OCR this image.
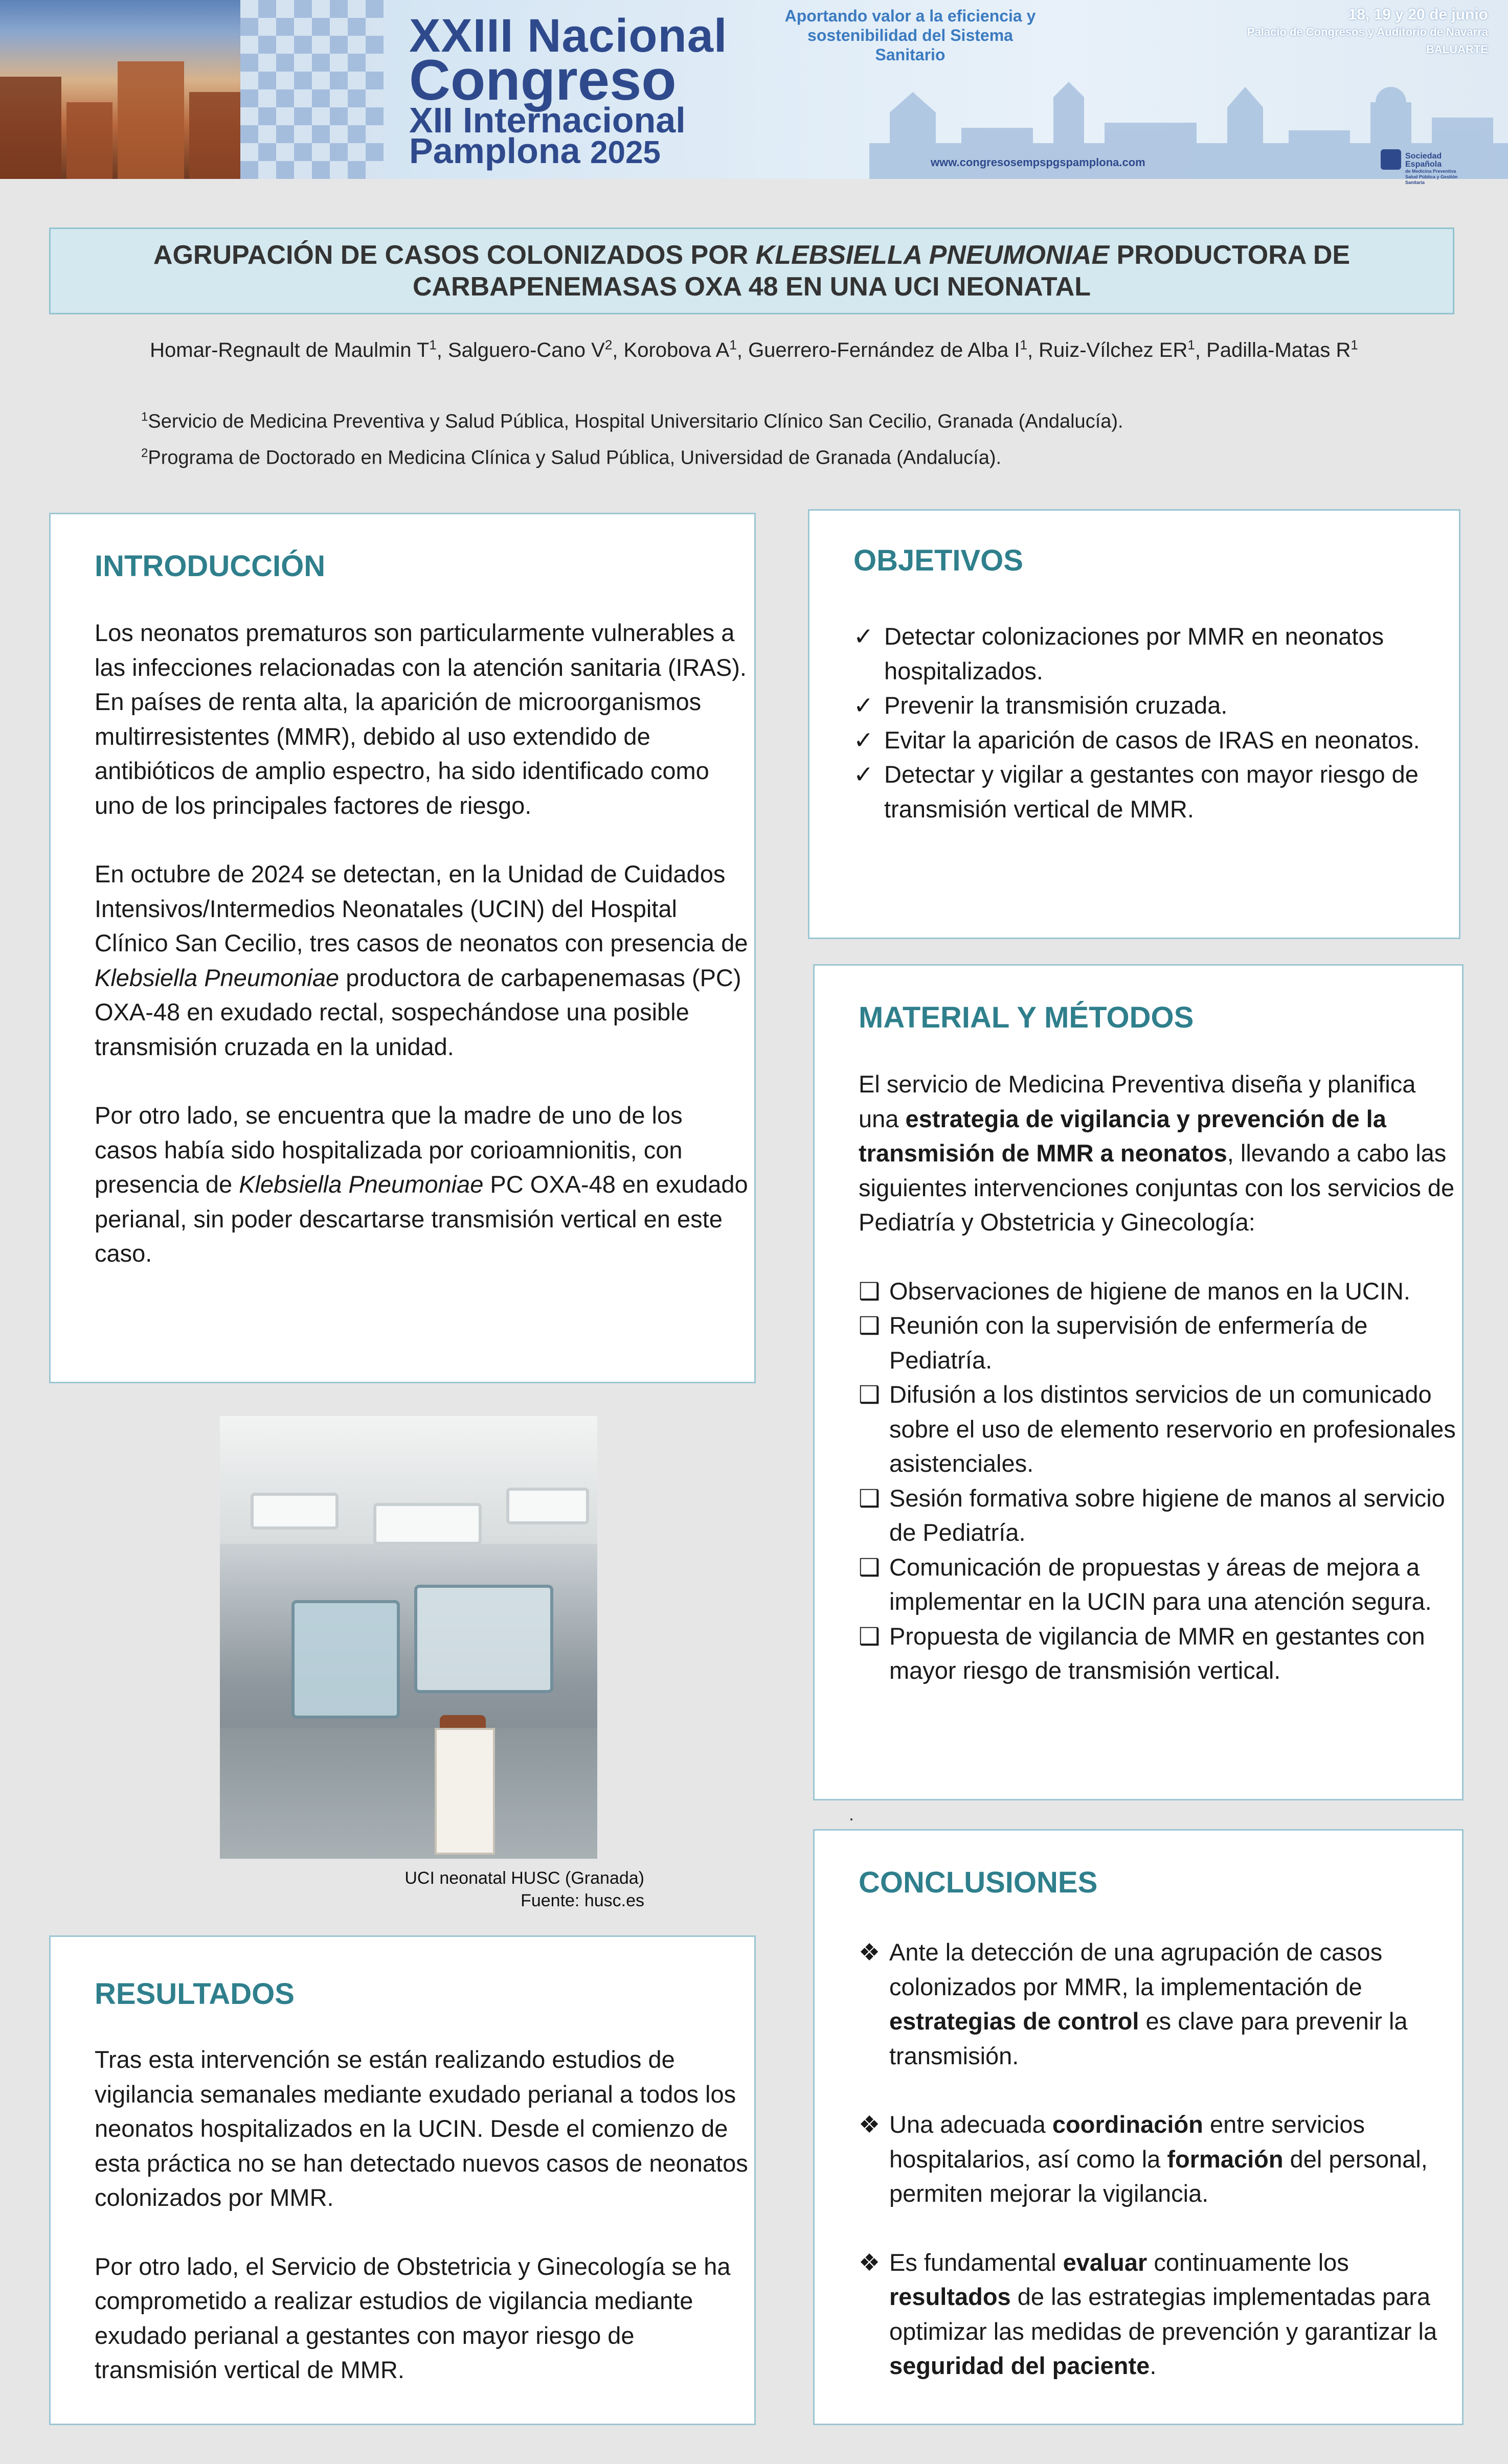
XXIII Nacional
Congreso
XII Internacional
Pamplona 2025
Aportando valor a la eficiencia y
sostenibilidad del Sistema Sanitario
18, 19 y 20 de junio
Palacio de Congresos y Auditorio de Navarra BALUARTE
www.congresosempspgspamplona.com	Sociedad Española
de Medicina Preventiva
Salud Pública y Gestión Sanitaria
AGRUPACIÓN DE CASOS COLONIZADOS POR KLEBSIELLA PNEUMONIAE PRODUCTORA DE
CARBAPENEMASAS OXA 48 EN UNA UCI NEONATAL
Homar-Regnault de Maulmin $T^1$, Salguero-Cano $V^2$, Korobova $A^1$, Guerrero-Fernández de Alba $I^1$, Ruiz-Vílchez $ER^1$, Padilla-Matas $R^1$
$^1$Servicio de Medicina Preventiva y Salud Pública, Hospital Universitario Clínico San Cecilio, Granada (Andalucía).
$^2$Programa de Doctorado en Medicina Clínica y Salud Pública, Universidad de Granada (Andalucía).
INTRODUCCIÓN
Los neonatos prematuros son particularmente vulnerables a las infecciones relacionadas con la atención sanitaria (IRAS). En países de renta alta, la aparición de microorganismos multirresistentes (MMR), debido al uso extendido de antibióticos de amplio espectro, ha sido identificado como uno de los principales factores de riesgo.
En octubre de 2024 se detectan, en la Unidad de Cuidados Intensivos/Intermedios Neonatales (UCIN) del Hospital Clínico San Cecilio, tres casos de neonatos con presencia de Klebsiella Pneumoniae productora de carbapenemasas (PC) OXA-48 en exudado rectal, sospechándose una posible transmisión cruzada en la unidad.
Por otro lado, se encuentra que la madre de uno de los casos había sido hospitalizada por corioamnionitis, con presencia de Klebsiella Pneumoniae PC OXA-48 en exudado perianal, sin poder descartarse transmisión vertical en este caso.
OBJETIVOS
✓ Detectar colonizaciones por MMR en neonatos hospitalizados.
✓ Prevenir la transmisión cruzada.
✓ Evitar la aparición de casos de IRAS en neonatos.
✓ Detectar y vigilar a gestantes con mayor riesgo de transmisión vertical de MMR.
MATERIAL Y MÉTODOS
El servicio de Medicina Preventiva diseña y planifica una estrategia de vigilancia y prevención de la transmisión de MMR a neonatos, llevando a cabo las siguientes intervenciones conjuntas con los servicios de Pediatría y Obstetricia y Ginecología:
❑ Observaciones de higiene de manos en la UCIN.
❑ Reunión con la supervisión de enfermería de Pediatría.
❑ Difusión a los distintos servicios de un comunicado sobre el uso de elemento reservorio en profesionales asistenciales.
❑ Sesión formativa sobre higiene de manos al servicio de Pediatría.
❑ Comunicación de propuestas y áreas de mejora a implementar en la UCIN para una atención segura.
❑ Propuesta de vigilancia de MMR en gestantes con mayor riesgo de transmisión vertical.
.
UCI neonatal HUSC (Granada)
Fuente: husc.es
RESULTADOS
Tras esta intervención se están realizando estudios de vigilancia semanales mediante exudado perianal a todos los neonatos hospitalizados en la UCIN. Desde el comienzo de esta práctica no se han detectado nuevos casos de neonatos colonizados por MMR.
Por otro lado, el Servicio de Obstetricia y Ginecología se ha comprometido a realizar estudios de vigilancia mediante exudado perianal a gestantes con mayor riesgo de transmisión vertical de MMR.
CONCLUSIONES
❖ Ante la detección de una agrupación de casos colonizados por MMR, la implementación de estrategias de control es clave para prevenir la transmisión.
❖ Una adecuada coordinación entre servicios hospitalarios, así como la formación del personal, permiten mejorar la vigilancia.
❖ Es fundamental evaluar continuamente los resultados de las estrategias implementadas para optimizar las medidas de prevención y garantizar la seguridad del paciente.
